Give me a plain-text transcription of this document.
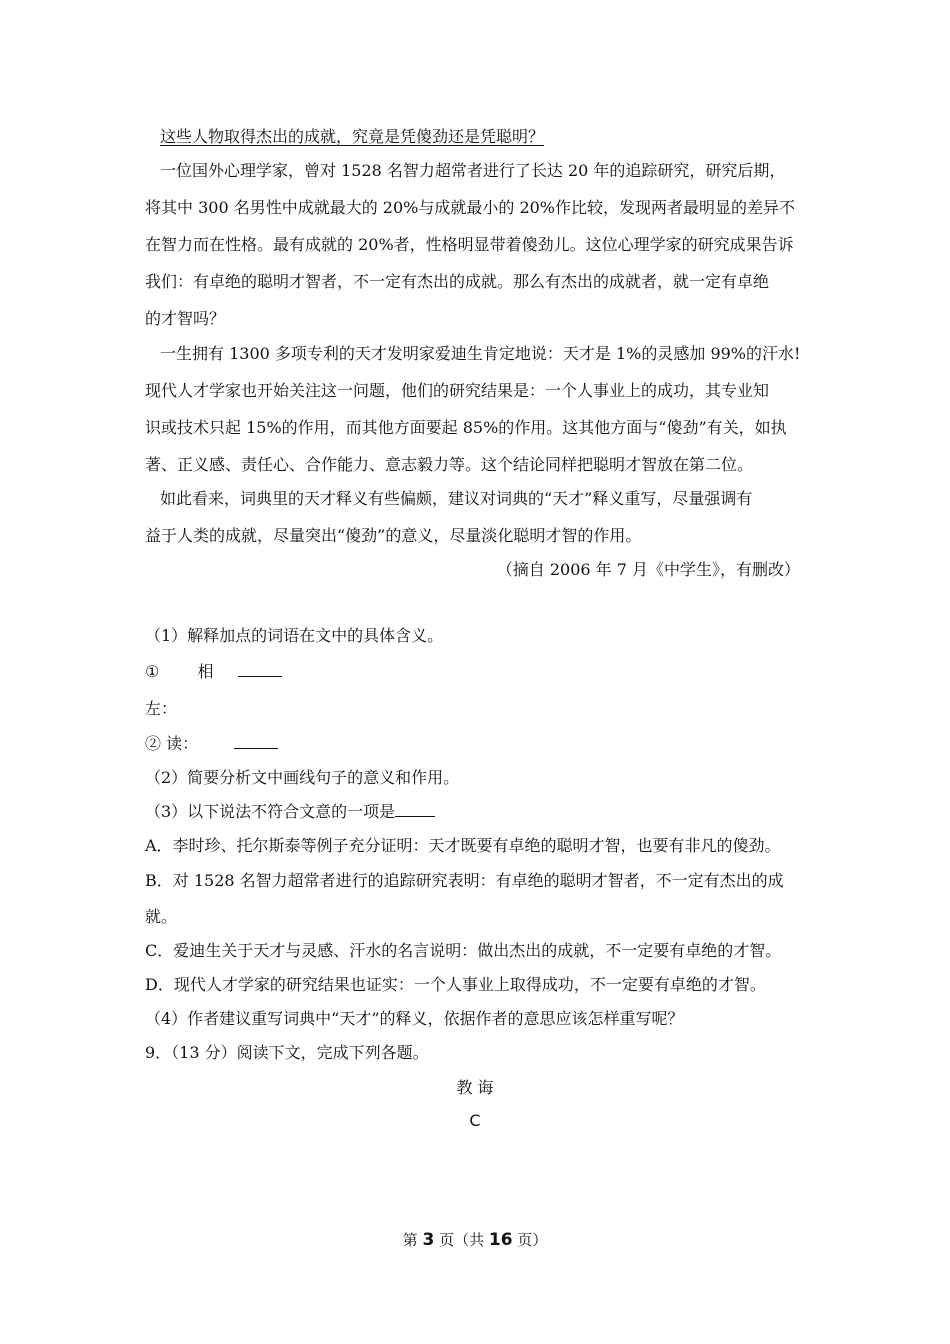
这些人物取得杰出的成就，究竟是凭傻劲还是凭聪明？
一位国外心理学家，曾对 1528 名智力超常者进行了长达 20 年的追踪研究，研究后期，
将其中 300 名男性中成就最大的 20%与成就最小的 20%作比较，发现两者最明显的差异不
在智力而在性格。最有成就的 20%者，性格明显带着傻劲儿。这位心理学家的研究成果告诉
我们：有卓绝的聪明才智者，不一定有杰出的成就。那么有杰出的成就者，就一定有卓绝
的才智吗？
一生拥有 1300 多项专利的天才发明家爱迪生肯定地说：天才是 1%的灵感加 99%的汗水!
现代人才学家也开始关注这一问题，他们的研究结果是：一个人事业上的成功，其专业知
识或技术只起 15%的作用，而其他方面要起 85%的作用。这其他方面与“傻劲”有关，如执
著、正义感、责任心、合作能力、意志毅力等。这个结论同样把聪明才智放在第二位。
如此看来，词典里的天才释义有些偏颇，建议对词典的“天才”释义重写，尽量强调有
益于人类的成就，尽量突出“傻劲”的意义，尽量淡化聪明才智的作用。
（摘自 2006 年 7 月《中学生》，有删改）
（1）解释加点的词语在文中的具体含义。
① 相
左：
② 读：
（2）简要分析文中画线句子的意义和作用。
（3）以下说法不符合文意的一项是
A．李时珍、托尔斯泰等例子充分证明：天才既要有卓绝的聪明才智，也要有非凡的傻劲。
B．对 1528 名智力超常者进行的追踪研究表明：有卓绝的聪明才智者，不一定有杰出的成
就。
C．爱迪生关于天才与灵感、汗水的名言说明：做出杰出的成就，不一定要有卓绝的才智。
D．现代人才学家的研究结果也证实：一个人事业上取得成功，不一定要有卓绝的才智。
（4）作者建议重写词典中“天才”的释义，依据作者的意思应该怎样重写呢？
9．（13 分）阅读下文，完成下列各题。
教 诲
C
第 3 页（共 16 页）
